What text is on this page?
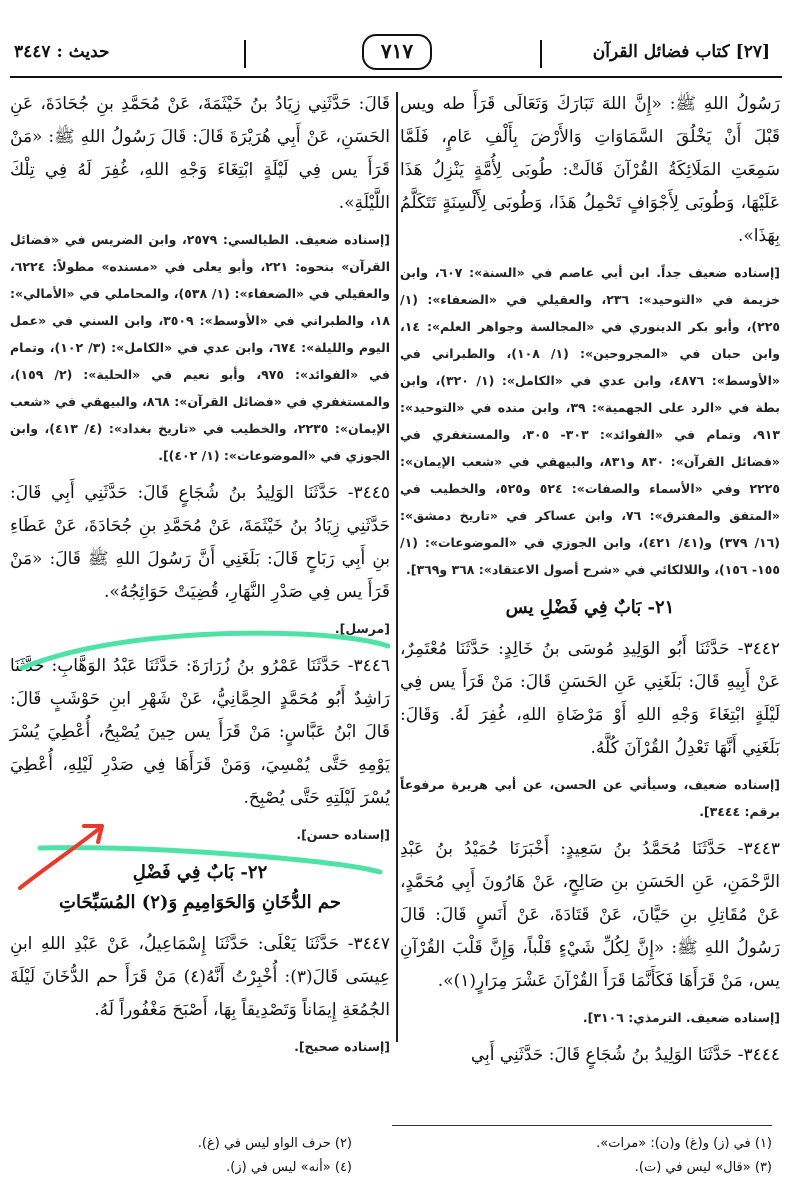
[٢٧] كتاب فضائل القرآن
٧١٧
حديث : ٣٤٤٧

رَسُولُ اللهِ ﷺ: «إِنَّ اللهَ تَبَارَكَ وَتَعَالَى قَرَأَ طه ويس قَبْلَ أَنْ يَخْلُقَ السَّمَاوَاتِ وَالأَرْضَ بِأَلْفِ عَامٍ، فَلَمَّا سَمِعَتِ المَلَائِكَةُ القُرْآنَ قَالَتْ: طُوبَى لِأُمَّةٍ يَنْزِلُ هَذَا عَلَيْهَا، وَطُوبَى لِأَجْوَافٍ تَحْمِلُ هَذَا، وَطُوبَى لِأَلْسِنَةٍ تَتَكَلَّمُ بِهَذَا».

[إسناده ضعيف جداً. ابن أبي عاصم في «السنة»: ٦٠٧، وابن خزيمة في «التوحيد»: ٢٣٦، والعقيلي في «الضعفاء»: (١/ ٢٢٥)، وأبو بكر الدينوري في «المجالسة وجواهر العلم»: ١٤، وابن حبان في «المجروحين»: (١/ ١٠٨)، والطبراني في «الأوسط»: ٤٨٧٦، وابن عدي في «الكامل»: (١/ ٣٢٠)، وابن بطة في «الرد على الجهمية»: ٣٩، وابن منده في «التوحيد»: ٩١٣، وتمام في «الفوائد»: ٣٠٣- ٣٠٥، والمستغفري في «فضائل القرآن»: ٨٣٠ و٨٣١، والبيهقي في «شعب الإيمان»: ٢٢٢٥ وفي «الأسماء والصفات»: ٥٢٤ و٥٢٥، والخطيب في «المتفق والمفترق»: ٧٦، وابن عساكر في «تاريخ دمشق»: (١٦/ ٣٧٩) و(٤١/ ٤٢١)، وابن الجوزي في «الموضوعات»: (١/ ١٥٥- ١٥٦)، واللالكائي في «شرح أصول الاعتقاد»: ٣٦٨ و٣٦٩].

٢١- بَابٌ فِي فَضْلِ يس

٣٤٤٢- حَدَّثَنَا أَبُو الوَلِيدِ مُوسَى بنُ خَالِدٍ: حَدَّثَنَا مُعْتَمِرٌ، عَنْ أَبِيهِ قَالَ: بَلَغَنِي عَنِ الحَسَنِ قَالَ: مَنْ قَرَأَ يس فِي لَيْلَةٍ ابْتِغَاءَ وَجْهِ اللهِ أَوْ مَرْضَاةِ اللهِ، غُفِرَ لَهُ. وَقَالَ: بَلَغَنِي أَنَّهَا تَعْدِلُ القُرْآنَ كُلَّهُ.

[إسناده ضعيف، وسيأتي عن الحسن، عن أبي هريرة مرفوعاً برقم: ٣٤٤٤].

٣٤٤٣- حَدَّثَنَا مُحَمَّدُ بنُ سَعِيدٍ: أَخْبَرَنَا حُمَيْدُ بنُ عَبْدِ الرَّحْمَنِ، عَنِ الحَسَنِ بنِ صَالِحٍ، عَنْ هَارُونَ أَبِي مُحَمَّدٍ، عَنْ مُقَاتِلِ بنِ حَيَّانَ، عَنْ قَتَادَةَ، عَنْ أَنَسٍ قَالَ: قَالَ رَسُولُ اللهِ ﷺ: «إِنَّ لِكُلِّ شَيْءٍ قَلْباً، وَإِنَّ قَلْبَ القُرْآنِ يس، مَنْ قَرَأَهَا فَكَأَنَّمَا قَرَأَ القُرْآنَ عَشْرَ مِرَارٍ(١)».

[إسناده ضعيف. الترمذي: ٣١٠٦].

٣٤٤٤- حَدَّثَنَا الوَلِيدُ بنُ شُجَاعٍ قَالَ: حَدَّثَنِي أَبِي

قَالَ: حَدَّثَنِي زِيَادُ بنُ خَيْثَمَةَ، عَنْ مُحَمَّدِ بنِ جُحَادَةَ، عَنِ الحَسَنِ، عَنْ أَبِي هُرَيْرَةَ قَالَ: قَالَ رَسُولُ اللهِ ﷺ: «مَنْ قَرَأَ يس فِي لَيْلَةٍ ابْتِغَاءَ وَجْهِ اللهِ، غُفِرَ لَهُ فِي تِلْكَ اللَّيْلَةِ».

[إسناده ضعيف. الطيالسي: ٢٥٧٩، وابن الضريس في «فضائل القرآن» بنحوه: ٢٢١، وأبو يعلى في «مسنده» مطولاً: ٦٢٢٤، والعقيلي في «الضعفاء»: (١/ ٥٣٨)، والمحاملي في «الأمالي»: ١٨، والطبراني في «الأوسط»: ٣٥٠٩، وابن السني في «عمل اليوم والليلة»: ٦٧٤، وابن عدي في «الكامل»: (٣/ ١٠٢)، وتمام في «الفوائد»: ٩٧٥، وأبو نعيم في «الحلية»: (٢/ ١٥٩)، والمستغفري في «فضائل القرآن»: ٨٦٨، والبيهقي في «شعب الإيمان»: ٢٢٣٥، والخطيب في «تاريخ بغداد»: (٤/ ٤١٣)، وابن الجوزي في «الموضوعات»: (١/ ٤٠٢)].

٣٤٤٥- حَدَّثَنَا الوَلِيدُ بنُ شُجَاعٍ قَالَ: حَدَّثَنِي أَبِي قَالَ: حَدَّثَنِي زِيَادُ بنُ خَيْثَمَةَ، عَنْ مُحَمَّدِ بنِ جُحَادَةَ، عَنْ عَطَاءِ بنِ أَبِي رَبَاحٍ قَالَ: بَلَغَنِي أَنَّ رَسُولَ اللهِ ﷺ قَالَ: «مَنْ قَرَأَ يس فِي صَدْرِ النَّهَارِ، قُضِيَتْ حَوَائِجُهُ».

[مرسل].

٣٤٤٦- حَدَّثَنَا عَمْرُو بنُ زُرَارَةَ: حَدَّثَنَا عَبْدُ الوَهَّابِ: حَدَّثَنَا رَاشِدٌ أَبُو مُحَمَّدٍ الحِمَّانِيُّ، عَنْ شَهْرِ ابنِ حَوْشَبٍ قَالَ: قَالَ ابْنُ عَبَّاسٍ: مَنْ قَرَأَ يس حِينَ يُصْبِحُ، أُعْطِيَ يُسْرَ يَوْمِهِ حَتَّى يُمْسِيَ، وَمَنْ قَرَأَهَا فِي صَدْرِ لَيْلِهِ، أُعْطِيَ يُسْرَ لَيْلَتِهِ حَتَّى يُصْبِحَ.

[إسناده حسن].

٢٢- بَابٌ فِي فَضْلِ
حم الدُّخَانِ وَالحَوَامِيمِ وَ(٢) المُسَبِّحَاتِ

٣٤٤٧- حَدَّثَنَا يَعْلَى: حَدَّثَنَا إِسْمَاعِيلُ، عَنْ عَبْدِ اللهِ ابنِ عِيسَى قَالَ(٣): أُخْبِرْتُ أَنَّهُ(٤) مَنْ قَرَأَ حم الدُّخَانَ لَيْلَةَ الجُمُعَةِ إِيمَاناً وَتَصْدِيقاً بِهَا، أَصْبَحَ مَغْفُوراً لَهُ.

[إسناده صحيح].

(١) في (ز) و(غ) و(ن): «مرات».
(٣) «قال» ليس في (ت).
(٢) حرف الواو ليس في (غ).
(٤) «أنه» ليس في (ز).
